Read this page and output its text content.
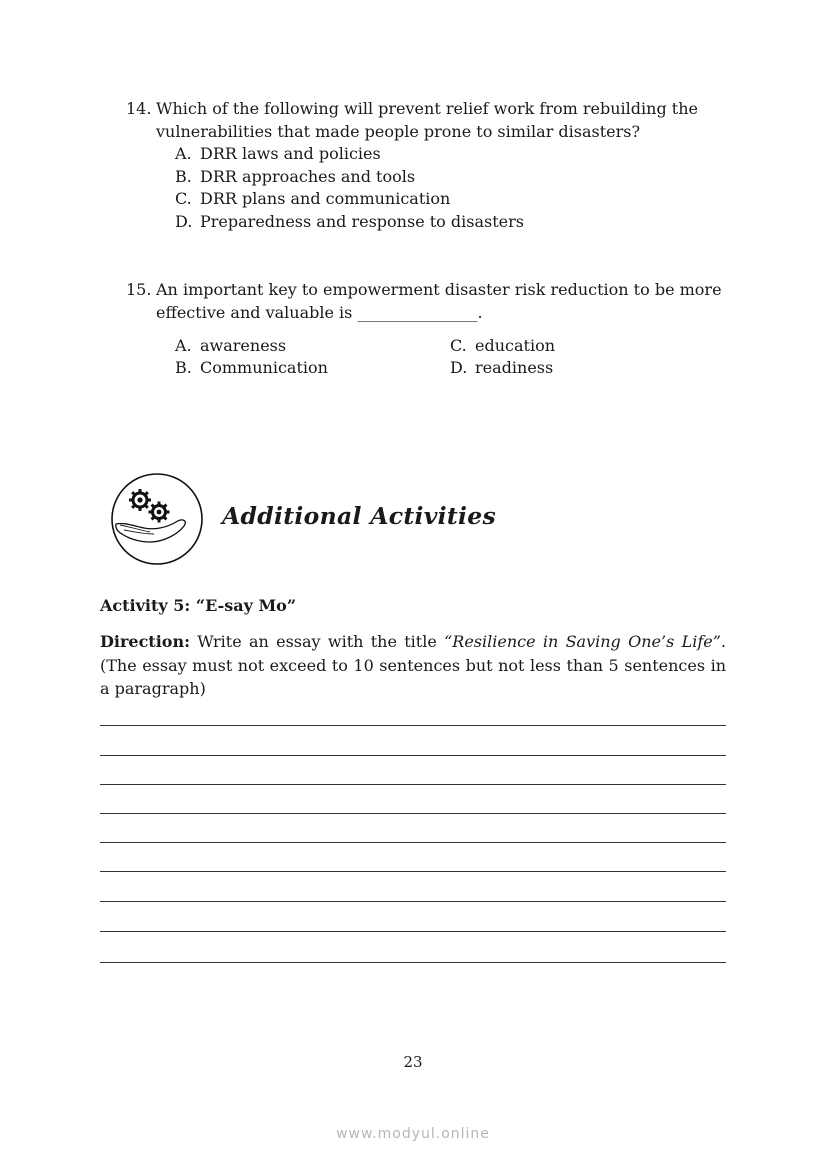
14. Which of the following will prevent relief work from rebuilding the
vulnerabilities that made people prone to similar disasters?
A. DRR laws and policies
B. DRR approaches and tools
C. DRR plans and communication
D. Preparedness and response to disasters
15. An important key to empowerment disaster risk reduction to be more
effective and valuable is _______________.
A. awareness
B. Communication
C. education
D. readiness
Additional Activities
Activity 5: “E-say Mo”
Direction: Write an essay with the title “Resilience in Saving One’s Life”. (The essay must not exceed to 10 sentences but not less than 5 sentences in a paragraph)
23
www.modyul.online
